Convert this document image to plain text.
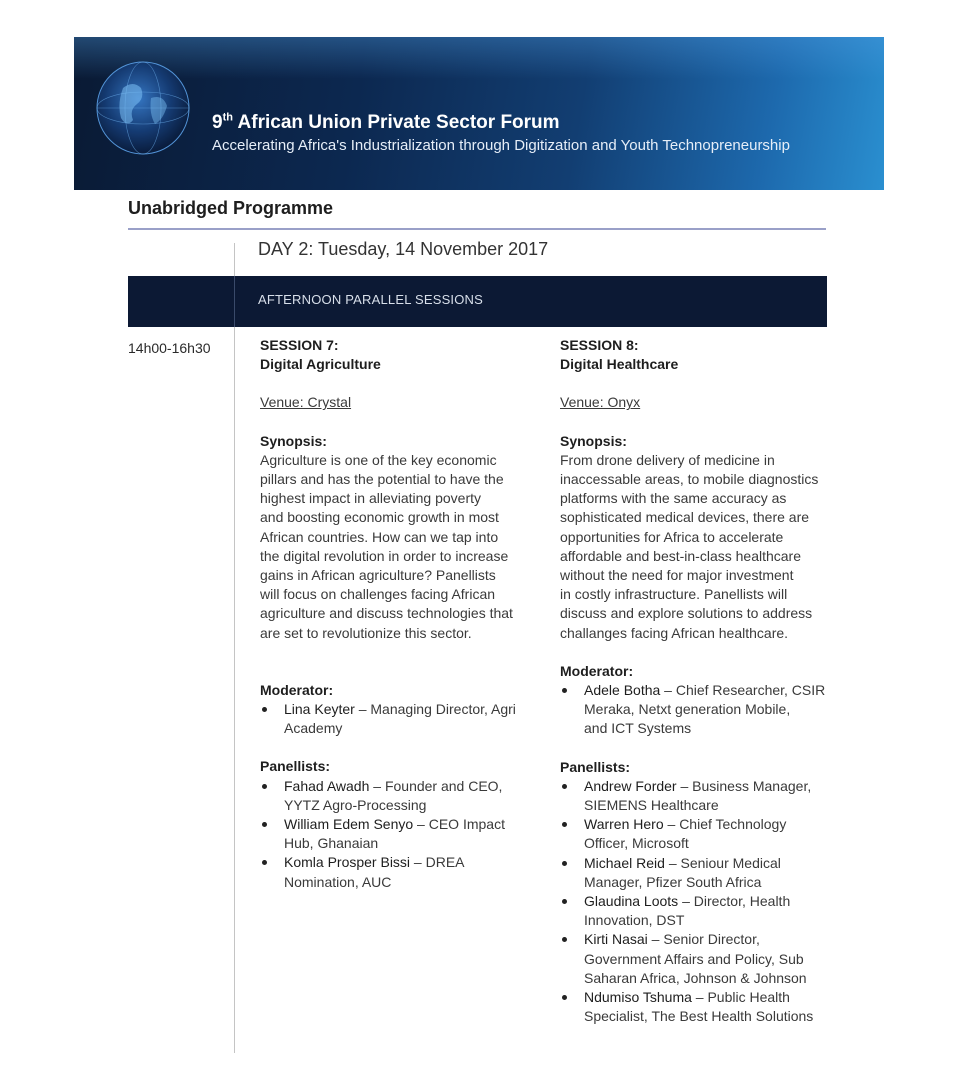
9th African Union Private Sector Forum
Accelerating Africa's Industrialization through Digitization and Youth Technopreneurship
Unabridged Programme
DAY 2: Tuesday, 14 November 2017
AFTERNOON PARALLEL SESSIONS
14h00-16h30	SESSION 7:
Digital Agriculture
Venue: Crystal
Synopsis:
Agriculture is one of the key economic
pillars and has the potential to have the
highest impact in alleviating poverty
and boosting economic growth in most
African countries. How can we tap into
the digital revolution in order to increase
gains in African agriculture? Panellists
will focus on challenges facing African
agriculture and discuss technologies that
are set to revolutionize this sector.
Moderator:
Lina Keyter – Managing Director, Agri
Academy
Panellists:
Fahad Awadh – Founder and CEO,
YYTZ Agro-Processing
William Edem Senyo – CEO Impact
Hub, Ghanaian
Komla Prosper Bissi – DREA
Nomination, AUC
SESSION 8:
Digital Healthcare
Venue: Onyx
Synopsis:
From drone delivery of medicine in
inaccessable areas, to mobile diagnostics
platforms with the same accuracy as
sophisticated medical devices, there are
opportunities for Africa to accelerate
affordable and best-in-class healthcare
without the need for major investment
in costly infrastructure. Panellists will
discuss and explore solutions to address
challanges facing African healthcare.
Moderator:
Adele Botha – Chief Researcher, CSIR
Meraka, Netxt generation Mobile,
and ICT Systems
Panellists:
Andrew Forder – Business Manager,
SIEMENS Healthcare
Warren Hero – Chief Technology
Officer, Microsoft
Michael Reid – Seniour Medical
Manager, Pfizer South Africa
Glaudina Loots – Director, Health
Innovation, DST
Kirti Nasai – Senior Director,
Government Affairs and Policy, Sub
Saharan Africa, Johnson & Johnson
Ndumiso Tshuma – Public Health
Specialist, The Best Health Solutions
